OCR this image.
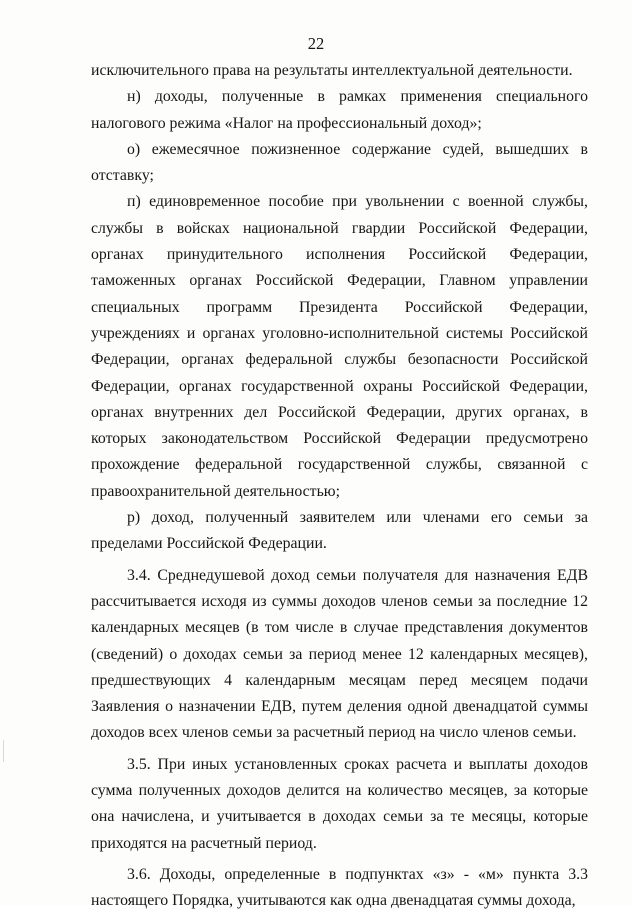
22

исключительного права на результаты интеллектуальной деятельности.

н) доходы, полученные в рамках применения специального налогового режима «Налог на профессиональный доход»;

о) ежемесячное пожизненное содержание судей, вышедших в отставку;

п) единовременное пособие при увольнении с военной службы, службы в войсках национальной гвардии Российской Федерации, органах принудительного исполнения Российской Федерации, таможенных органах Российской Федерации, Главном управлении специальных программ Президента Российской Федерации, учреждениях и органах уголовно-исполнительной системы Российской Федерации, органах федеральной службы безопасности Российской Федерации, органах государственной охраны Российской Федерации, органах внутренних дел Российской Федерации, других органах, в которых законодательством Российской Федерации предусмотрено прохождение федеральной государственной службы, связанной с правоохранительной деятельностью;

р) доход, полученный заявителем или членами его семьи за пределами Российской Федерации.

3.4. Среднедушевой доход семьи получателя для назначения ЕДВ рассчитывается исходя из суммы доходов членов семьи за последние 12 календарных месяцев (в том числе в случае представления документов (сведений) о доходах семьи за период менее 12 календарных месяцев), предшествующих 4 календарным месяцам перед месяцем подачи Заявления о назначении ЕДВ, путем деления одной двенадцатой суммы доходов всех членов семьи за расчетный период на число членов семьи.

3.5. При иных установленных сроках расчета и выплаты доходов сумма полученных доходов делится на количество месяцев, за которые она начислена, и учитывается в доходах семьи за те месяцы, которые приходятся на расчетный период.

3.6. Доходы, определенные в подпунктах «з» - «м» пункта 3.3 настоящего Порядка, учитываются как одна двенадцатая суммы дохода,
